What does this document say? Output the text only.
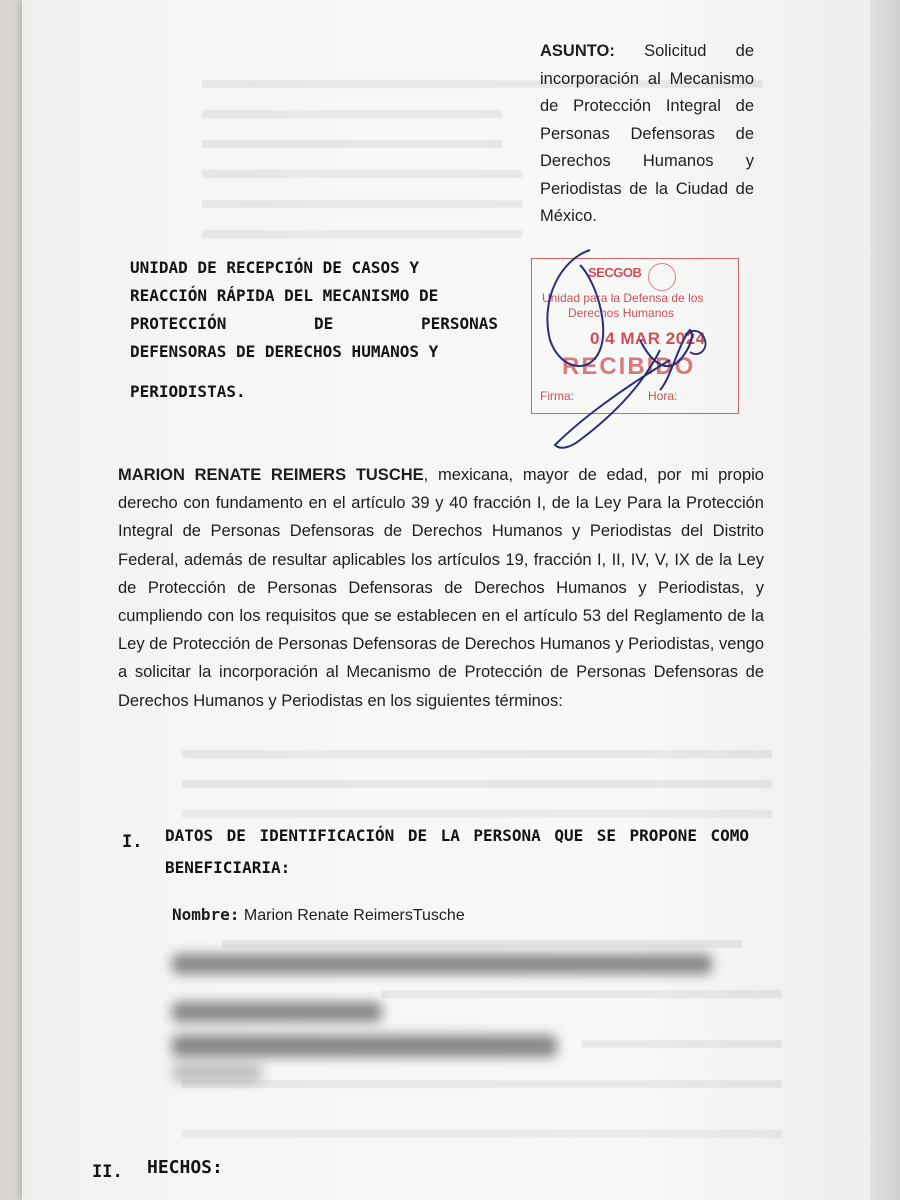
ASUNTO: Solicitud de incorporación al Mecanismo de Protección Integral de Personas Defensoras de Derechos Humanos y Periodistas de la Ciudad de México.
UNIDAD DE RECEPCIÓN DE CASOS Y
REACCIÓN RÁPIDA DEL MECANISMO DE
PROTECCIÓN DE PERSONAS
DEFENSORAS DE DERECHOS HUMANOS Y
PERIODISTAS.
SECGOB
Unidad para la Defensa de los
Derechos Humanos
0 4 MAR 2024
RECIBIDO
Firma:	Hora:
MARION RENATE REIMERS TUSCHE, mexicana, mayor de edad, por mi propio derecho con fundamento en el artículo 39 y 40 fracción I, de la Ley Para la Protección Integral de Personas Defensoras de Derechos Humanos y Periodistas del Distrito Federal, además de resultar aplicables los artículos 19, fracción I, II, IV, V, IX de la Ley de Protección de Personas Defensoras de Derechos Humanos y Periodistas, y cumpliendo con los requisitos que se establecen en el artículo 53 del Reglamento de la Ley de Protección de Personas Defensoras de Derechos Humanos y Periodistas, vengo a solicitar la incorporación al Mecanismo de Protección de Personas Defensoras de Derechos Humanos y Periodistas en los siguientes términos:
I. DATOS DE IDENTIFICACIÓN DE LA PERSONA QUE SE PROPONE COMO BENEFICIARIA:
Nombre: Marion Renate ReimersTusche
II. HECHOS:
